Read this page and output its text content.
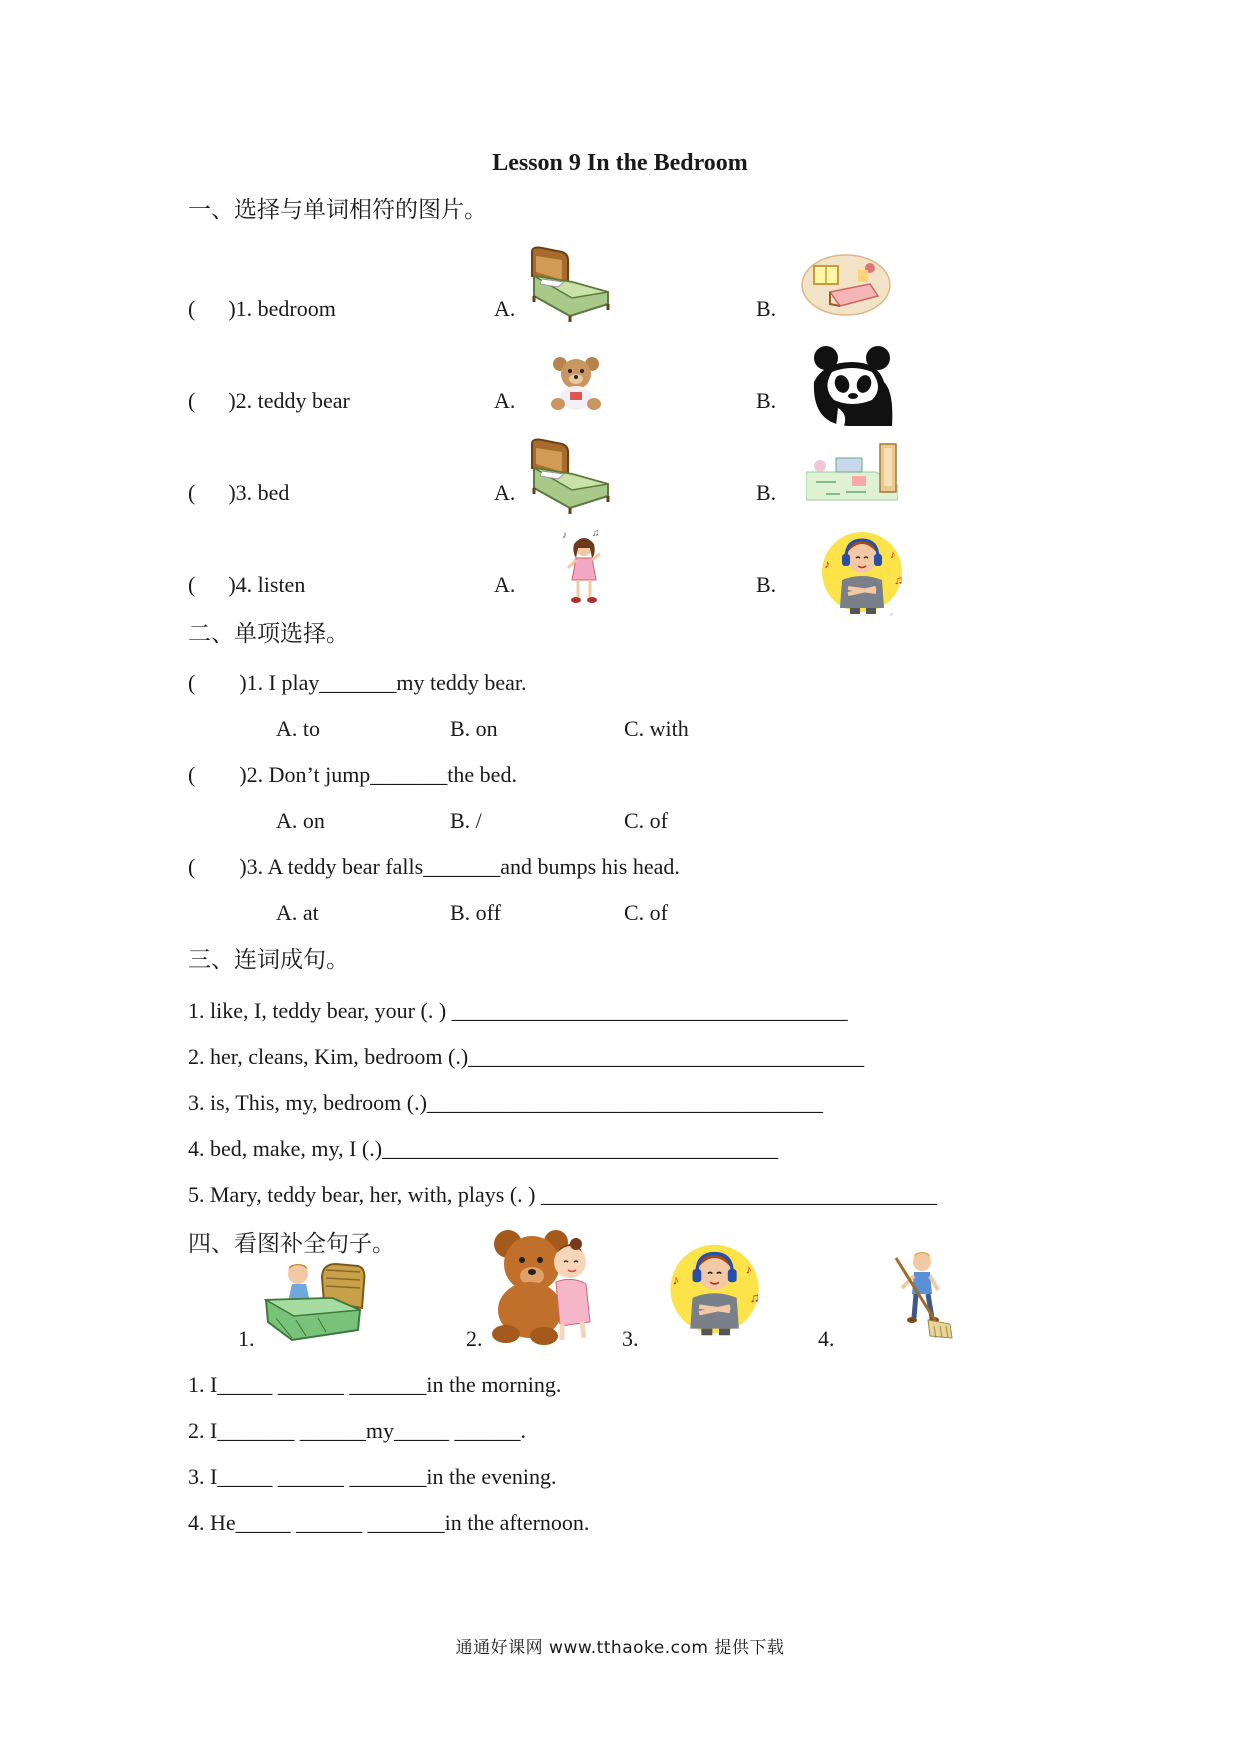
Lesson 9 In the Bedroom
一、选择与单词相符的图片。
(      )1. bedroom	A.	B.
(      )2. teddy bear	A.	B.
(      )3. bed	A.	B.
(      )4. listen	A.	B.
♪	♫
♪
♫
♪
©
二、单项选择。
(        )1. I play_______my teddy bear.
A. to	B. on	C. with
(        )2. Don’t jump_______the bed.
A. on	B. /	C. of
(        )3. A teddy bear falls_______and bumps his head.
A. at	B. off	C. of
三、连词成句。
1. like, I, teddy bear, your (. ) ____________________________________
2. her, cleans, Kim, bedroom (.)____________________________________
3. is, This, my, bedroom (.)____________________________________
4. bed, make, my, I (.)____________________________________
5. Mary, teddy bear, her, with, plays (. ) ____________________________________
四、看图补全句子。
1.	2.	3.	4.
♪
♫
♪
1. I_____ ______ _______in the morning.
2. I_______ ______my_____ ______.
3. I_____ ______ _______in the evening.
4. He_____ ______ _______in the afternoon.
通通好课网 www.tthaoke.com 提供下载
